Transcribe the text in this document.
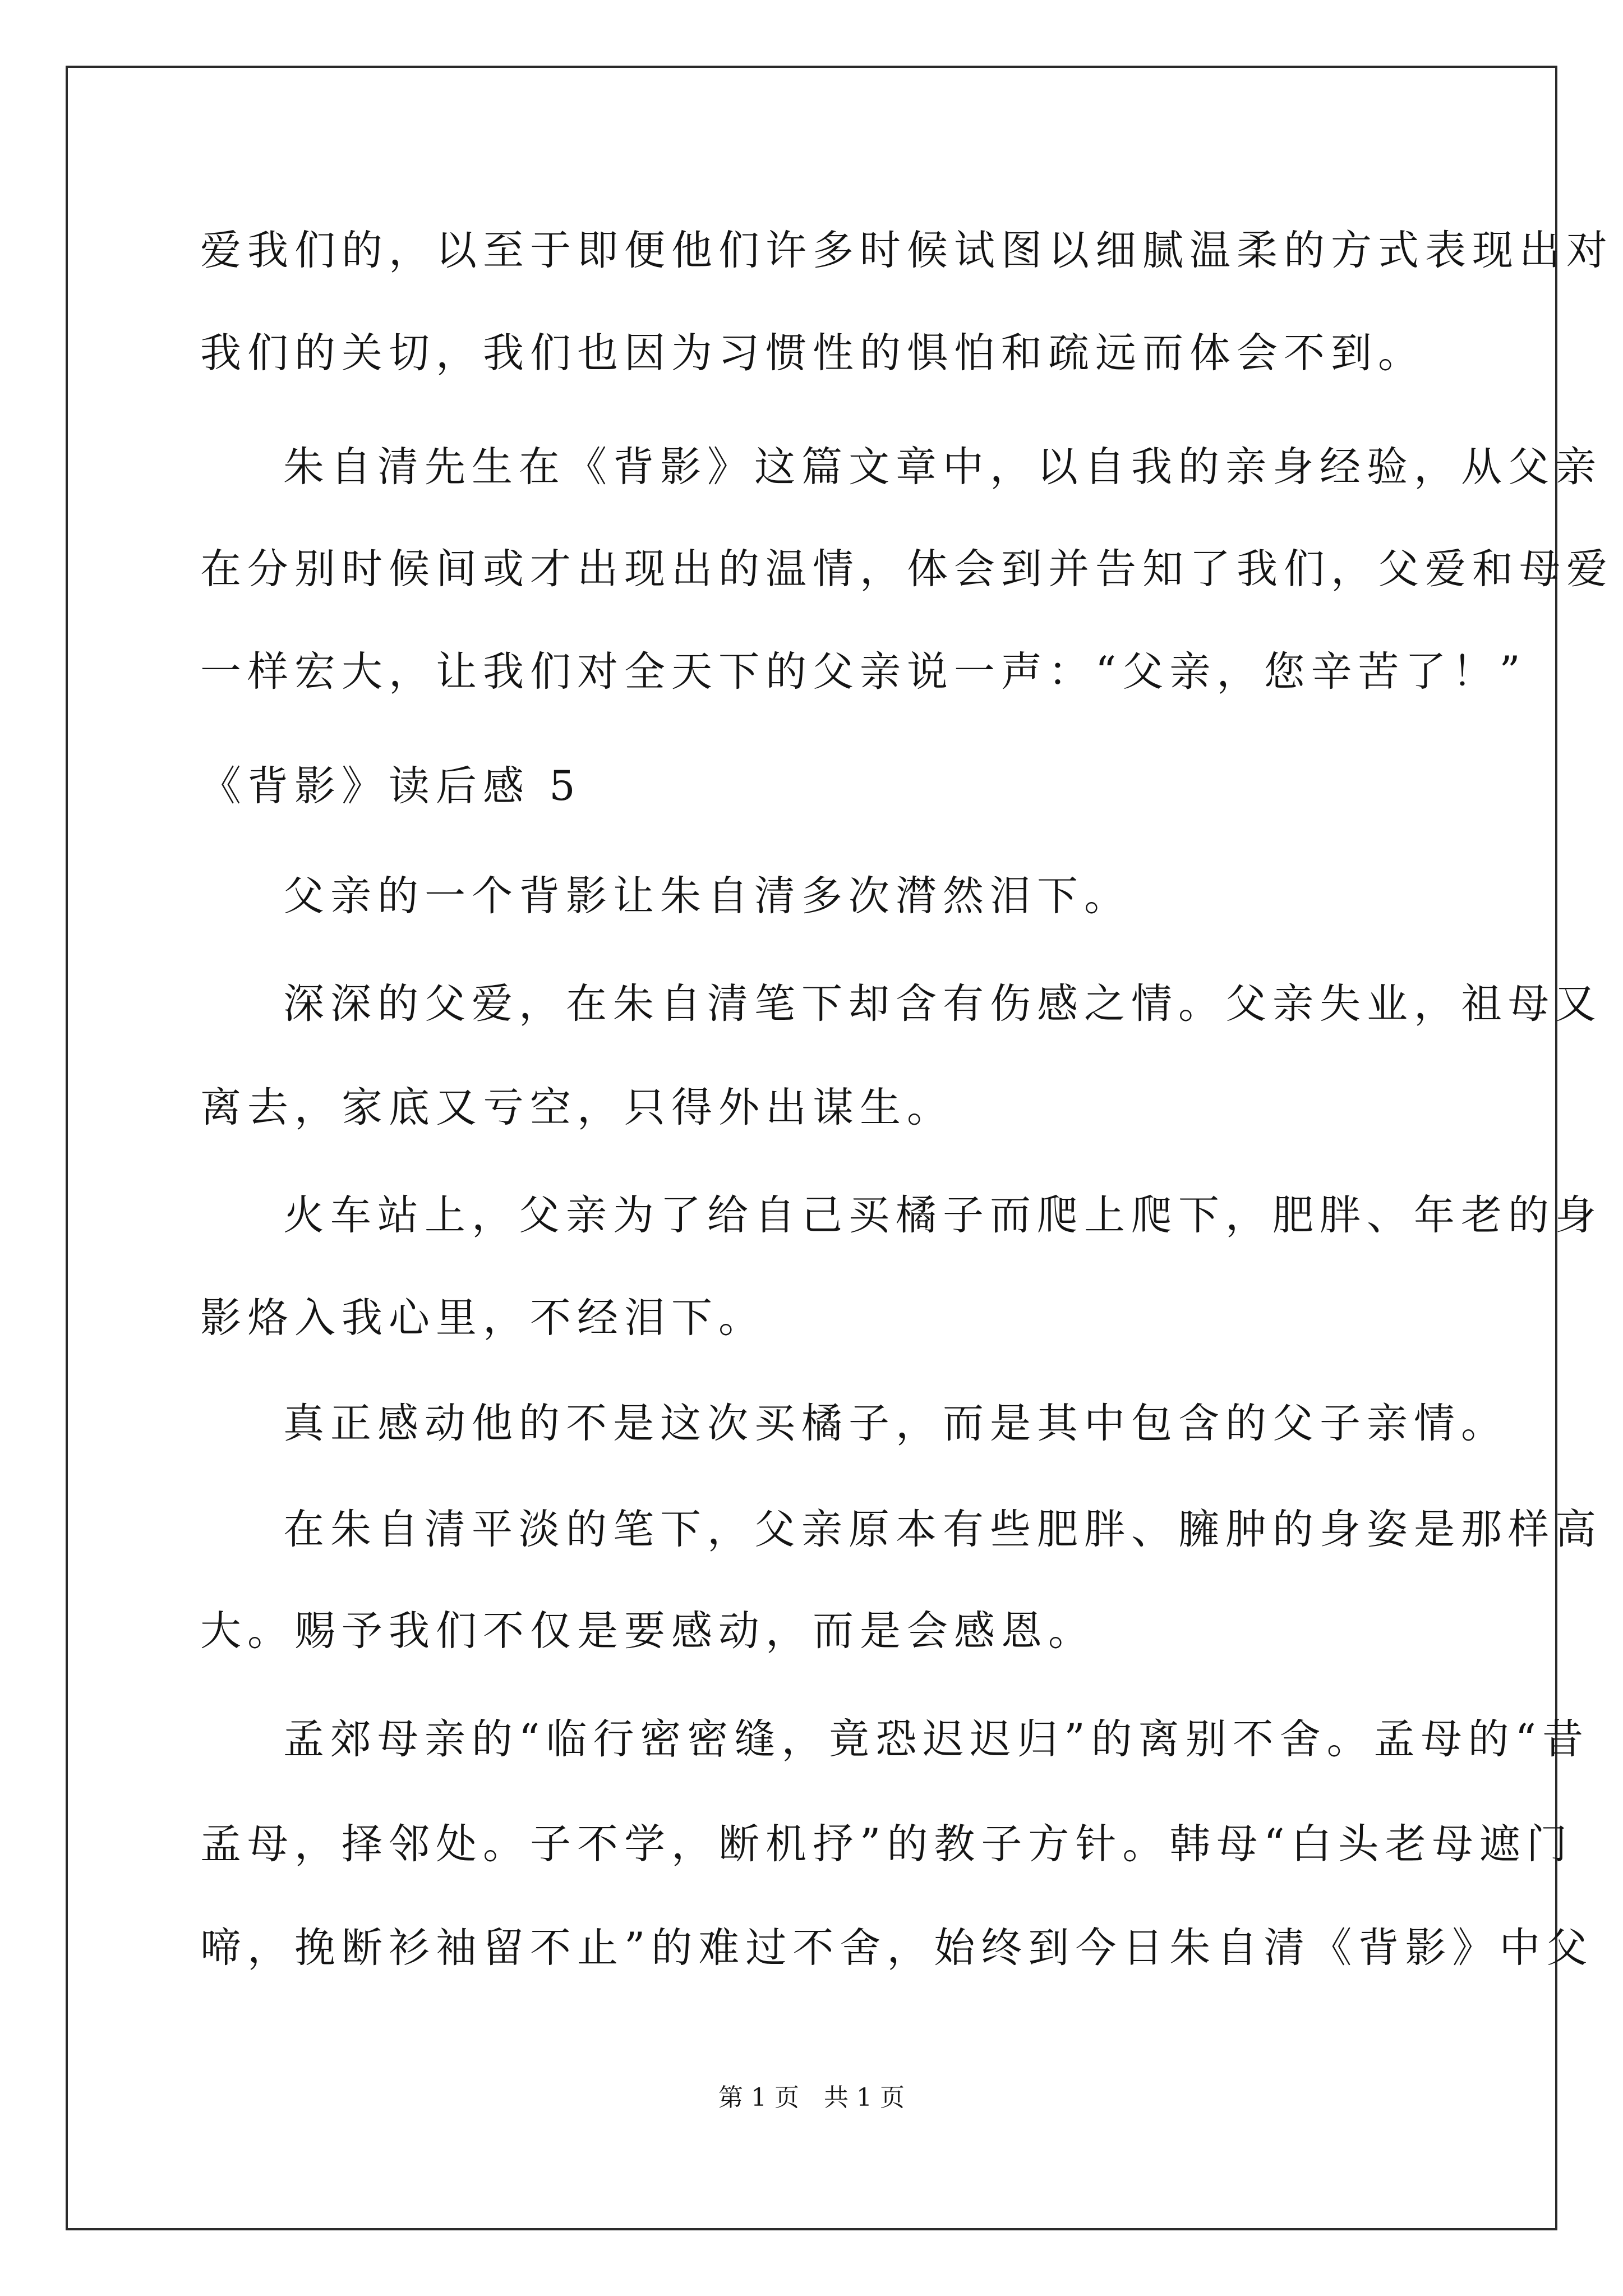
爱我们的，以至于即便他们许多时候试图以细腻温柔的方式表现出对
我们的关切，我们也因为习惯性的惧怕和疏远而体会不到。
朱自清先生在《背影》这篇文章中，以自我的亲身经验，从父亲
在分别时候间或才出现出的温情，体会到并告知了我们，父爱和母爱
一样宏大，让我们对全天下的父亲说一声：“父亲，您辛苦了！”
《背影》读后感 5
父亲的一个背影让朱自清多次潸然泪下。
深深的父爱，在朱自清笔下却含有伤感之情。父亲失业，祖母又
离去，家底又亏空，只得外出谋生。
火车站上，父亲为了给自己买橘子而爬上爬下，肥胖、年老的身
影烙入我心里，不经泪下。
真正感动他的不是这次买橘子，而是其中包含的父子亲情。
在朱自清平淡的笔下，父亲原本有些肥胖、臃肿的身姿是那样高
大。赐予我们不仅是要感动，而是会感恩。
孟郊母亲的“临行密密缝，竟恐迟迟归”的离别不舍。孟母的“昔
孟母，择邻处。子不学，断机抒”的教子方针。韩母“白头老母遮门
啼，挽断衫袖留不止”的难过不舍，始终到今日朱自清《背影》中父
第 1 页　共 1 页
